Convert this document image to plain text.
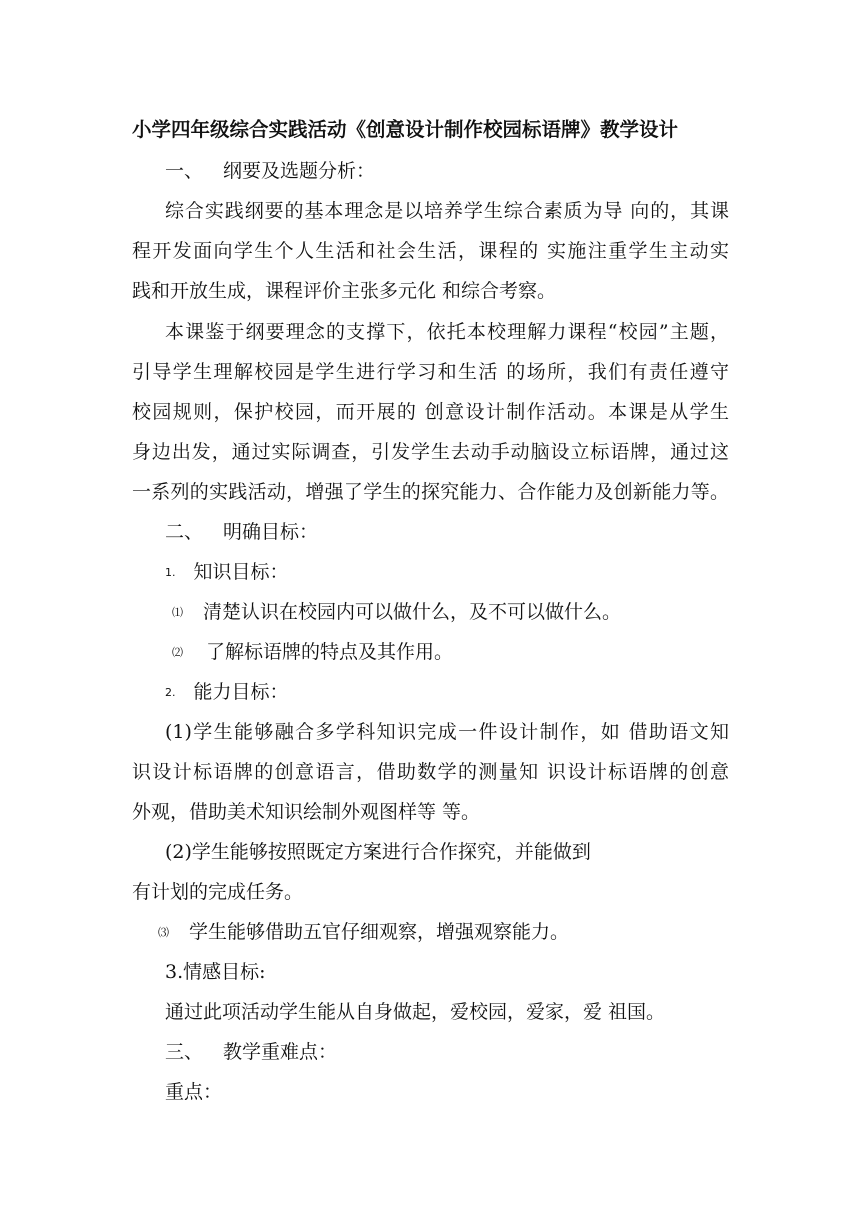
小学四年级综合实践活动《创意设计制作校园标语牌》教学设计
一、 纲要及选题分析：
综合实践纲要的基本理念是以培养学生综合素质为导 向的，其课
程开发面向学生个人生活和社会生活，课程的 实施注重学生主动实
践和开放生成，课程评价主张多元化 和综合考察。
本课鉴于纲要理念的支撑下，依托本校理解力课程“校园”主题，
引导学生理解校园是学生进行学习和生活 的场所，我们有责任遵守
校园规则，保护校园，而开展的 创意设计制作活动。本课是从学生
身边出发，通过实际调查，引发学生去动手动脑设立标语牌，通过这
一系列的实践活动，增强了学生的探究能力、合作能力及创新能力等。
二、 明确目标：
1. 知识目标：
⑴ 清楚认识在校园内可以做什么，及不可以做什么。
⑵ 了解标语牌的特点及其作用。
2. 能力目标：
(1)学生能够融合多学科知识完成一件设计制作，如 借助语文知
识设计标语牌的创意语言，借助数学的测量知 识设计标语牌的创意
外观，借助美术知识绘制外观图样等 等。
(2)学生能够按照既定方案进行合作探究，并能做到
有计划的完成任务。
⑶ 学生能够借助五官仔细观察，增强观察能力。
3.情感目标:
通过此项活动学生能从自身做起，爱校园，爱家，爱 祖国。
三、 教学重难点：
重点：
